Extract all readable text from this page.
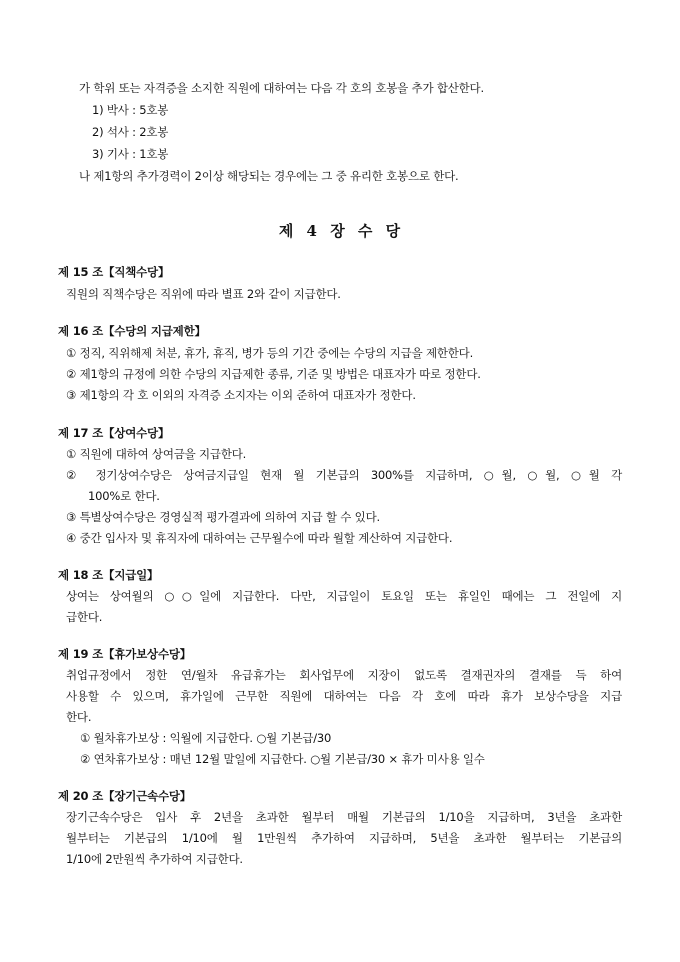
가 학위 또는 자격증을 소지한 직원에 대하여는 다음 각 호의 호봉을 추가 합산한다.
1) 박사 : 5호봉
2) 석사 : 2호봉
3) 기사 : 1호봉
나 제1항의 추가경력이 2이상 해당되는 경우에는 그 중 유리한 호봉으로 한다.
제 4 장 수 당
제 15 조【직책수당】
직원의 직책수당은 직위에 따라 별표 2와 같이 지급한다.
제 16 조【수당의 지급제한】
① 정직, 직위해제 처분, 휴가, 휴직, 병가 등의 기간 중에는 수당의 지급을 제한한다.
② 제1항의 규정에 의한 수당의 지급제한 종류, 기준 및 방법은 대표자가 따로 정한다.
③ 제1항의 각 호 이외의 자격증 소지자는 이외 준하여 대표자가 정한다.
제 17 조【상여수당】
① 직원에 대하여 상여금을 지급한다.
② 정기상여수당은 상여금지급일 현재 월 기본급의 300%를 지급하며, ○월, ○월, ○월 각
100%로 한다.
③ 특별상여수당은 경영실적 평가결과에 의하여 지급 할 수 있다.
④ 중간 입사자 및 휴직자에 대하여는 근무월수에 따라 월할 계산하여 지급한다.
제 18 조【지급일】
상여는 상여월의 ○○일에 지급한다. 다만, 지급일이 토요일 또는 휴일인 때에는 그 전일에 지
급한다.
제 19 조【휴가보상수당】
취업규정에서 정한 연/월차 유급휴가는 회사업무에 지장이 없도록 결재권자의 결재를 득 하여
사용할 수 있으며, 휴가일에 근무한 직원에 대하여는 다음 각 호에 따라 휴가 보상수당을 지급
한다.
① 월차휴가보상 : 익월에 지급한다. ○월 기본급/30
② 연차휴가보상 : 매년 12월 말일에 지급한다. ○월 기본급/30 × 휴가 미사용 일수
제 20 조【장기근속수당】
장기근속수당은 입사 후 2년을 초과한 월부터 매월 기본급의 1/10을 지급하며, 3년을 초과한
월부터는 기본급의 1/10에 월 1만원씩 추가하여 지급하며, 5년을 초과한 월부터는 기본급의
1/10에 2만원씩 추가하여 지급한다.
